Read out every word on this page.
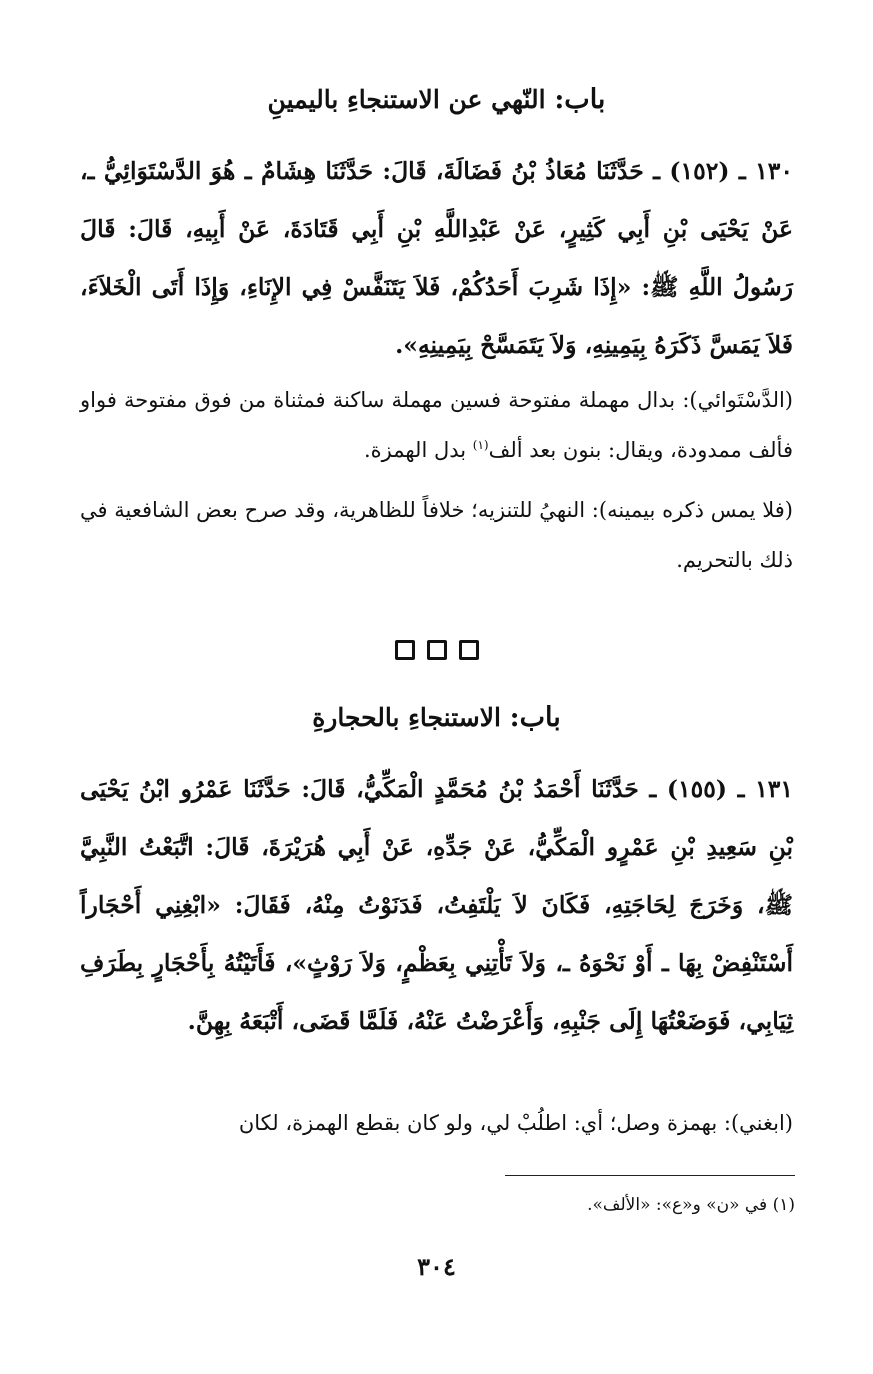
باب: النّهي عن الاستنجاءِ باليمينِ

١٣٠ ـ (١٥٢) ـ حَدَّثَنَا مُعَاذُ بْنُ فَضَالَةَ، قَالَ: حَدَّثَنَا هِشَامٌ ـ هُوَ الدَّسْتَوَائِيُّ ـ، عَنْ يَحْيَى بْنِ أَبِي كَثِيرٍ، عَنْ عَبْدِاللَّهِ بْنِ أَبِي قَتَادَةَ، عَنْ أَبِيهِ، قَالَ: قَالَ رَسُولُ اللَّهِ ﷺ: «إِذَا شَرِبَ أَحَدُكُمْ، فَلاَ يَتَنَفَّسْ فِي الإِنَاءِ، وَإِذَا أَتَى الْخَلاَءَ، فَلاَ يَمَسَّ ذَكَرَهُ بِيَمِينِهِ، وَلاَ يَتَمَسَّحْ بِيَمِينِهِ».

(الدَّسْتَوائي): بدال مهملة مفتوحة فسين مهملة ساكنة فمثناة من فوق مفتوحة فواو فألف ممدودة، ويقال: بنون بعد ألف$^{(١)}$ بدل الهمزة.

(فلا يمس ذكره بيمينه): النهيُ للتنزيه؛ خلافاً للظاهرية، وقد صرح بعض الشافعية في ذلك بالتحريم.

باب: الاستنجاءِ بالحجارةِ

١٣١ ـ (١٥٥) ـ حَدَّثَنَا أَحْمَدُ بْنُ مُحَمَّدٍ الْمَكِّيُّ، قَالَ: حَدَّثَنَا عَمْرُو ابْنُ يَحْيَى بْنِ سَعِيدِ بْنِ عَمْرٍو الْمَكِّيُّ، عَنْ جَدِّهِ، عَنْ أَبِي هُرَيْرَةَ، قَالَ: اتَّبَعْتُ النَّبِيَّ ﷺ، وَخَرَجَ لِحَاجَتِهِ، فَكَانَ لاَ يَلْتَفِتُ، فَدَنَوْتُ مِنْهُ، فَقَالَ: «ابْغِنِي أَحْجَاراً أَسْتَنْفِضْ بِهَا ـ أَوْ نَحْوَهُ ـ، وَلاَ تَأْتِنِي بِعَظْمٍ، وَلاَ رَوْثٍ»، فَأَتَيْتُهُ بِأَحْجَارٍ بِطَرَفِ ثِيَابِي، فَوَضَعْتُهَا إِلَى جَنْبِهِ، وَأَعْرَضْتُ عَنْهُ، فَلَمَّا قَضَى، أَتْبَعَهُ بِهِنَّ.

(ابغني): بهمزة وصل؛ أي: اطلُبْ لي، ولو كان بقطع الهمزة، لكان

(١) في «ن» و«ع»: «الألف».
٣٠٤
